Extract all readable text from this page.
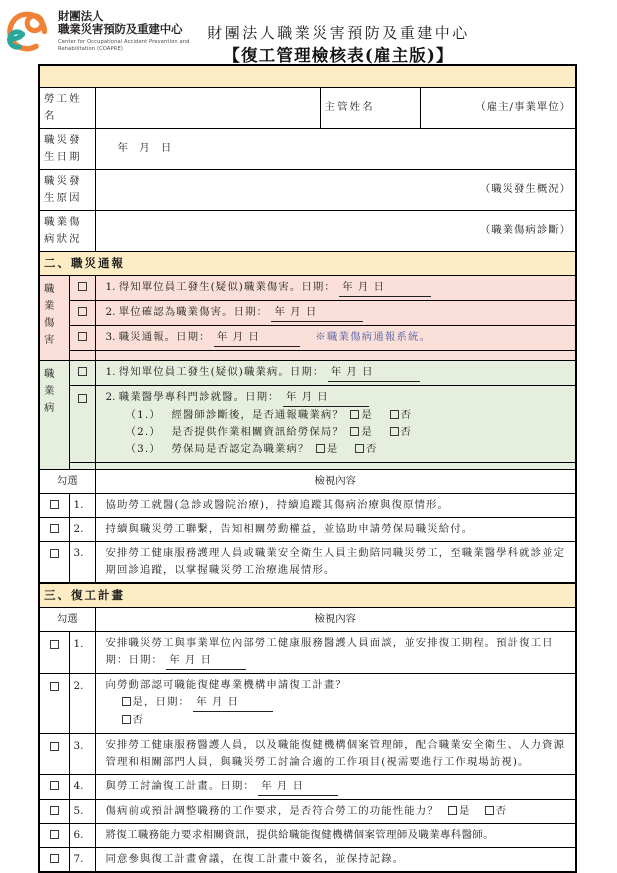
財團法人
職業災害預防及重建中心
Center for Occupational Accident Prevention and Rehabilitation (COAPRE)
財團法人職業災害預防及重建中心
【復工管理檢核表(雇主版)】

勞工姓名			主管姓名	（雇主/事業單位）
職災發生日期		年 月 日		
職災發生原因		（職災發生概況）		
職業傷病狀況		（職業傷病診斷）		
二、職災通報				
職業傷害		1. 得知單位員工發生(疑似)職業傷害。日期： 年 月 日		
		2. 單位確認為職業傷害。日期： 年 月 日		
		3. 職災通報。日期： 年 月 日 ※職業傷病通報系統。		

職業病		1. 得知單位員工發生(疑似)職業病。日期： 年 月 日		

		2. 職業醫學專科門診就醫。日期： 年 月 日
（1.） 經醫師診斷後，是否通報職業病？ 是 否
（2.） 是否提供作業相關資訊給勞保局？ 是 否
（3.） 勞保局是否認定為職業病？ 是 否		

勾選		檢視內容		
	1.	協助勞工就醫(急診或醫院治療)，持續追蹤其傷病治療與復原情形。		
	2.	持續與職災勞工聯繫，告知相關勞動權益，並協助申請勞保局職災給付。		
	3.	安排勞工健康服務護理人員或職業安全衛生人員主動陪同職災勞工，至職業醫學科就診並定期回診追蹤，以掌握職災勞工治療進展情形。		
三、復工計畫				
勾選		檢視內容		
	1.	安排職災勞工與事業單位內部勞工健康服務醫護人員面談，並安排復工期程。預計復工日期：日期： 年 月 日		
	2.	向勞動部認可職能復健專業機構申請復工計畫？
是，日期： 年 月 日
否		

	3.	安排勞工健康服務醫護人員，以及職能復健機構個案管理師，配合職業安全衛生、人力資源管理和相關部門人員，與職災勞工討論合適的工作項目(視需要進行工作現場訪視)。		
	4.	與勞工討論復工計畫。日期： 年 月 日		
	5.	傷病前或預計調整職務的工作要求，是否符合勞工的功能性能力？ 是 否		
	6.	將復工職務能力要求相關資訊，提供給職能復健機構個案管理師及職業專科醫師。		
	7.	同意參與復工計畫會議，在復工計畫中簽名，並保持記錄。		
